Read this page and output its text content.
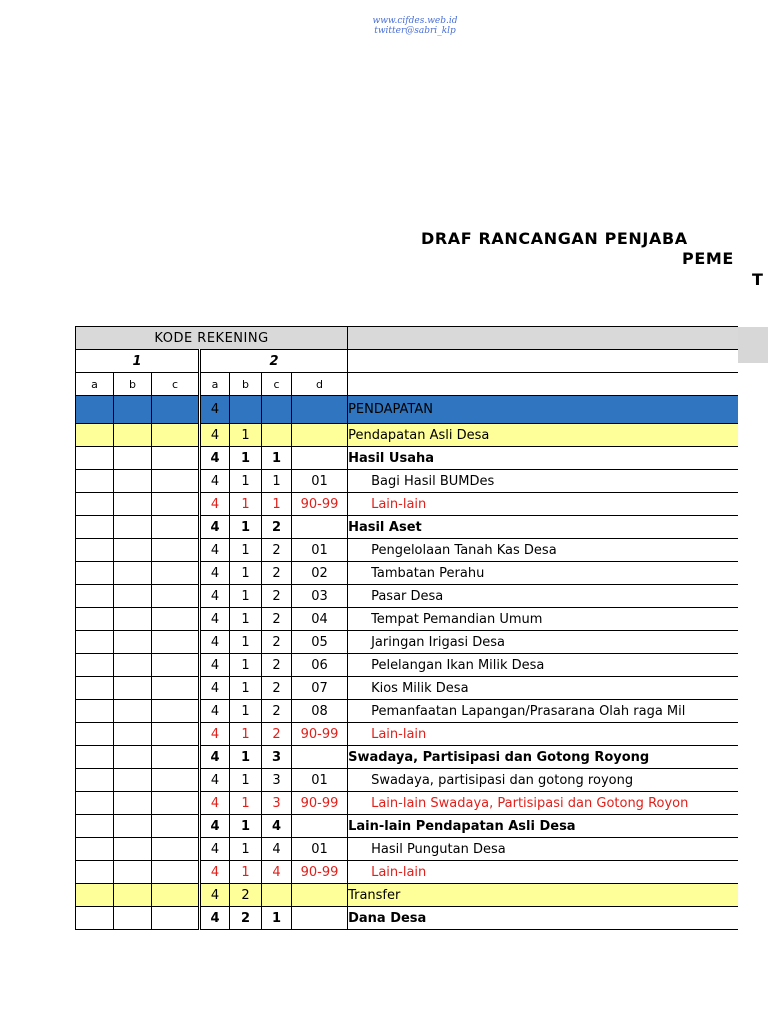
www.cifdes.web.id
twitter@sabri_klp
DRAF RANCANGAN PENJABA
PEME
T
KODE REKENING							
1			2				
a	b	c	a	b	c	d	
			4				PENDAPATAN
			4	1			Pendapatan Asli Desa
			4	1	1		Hasil Usaha
			4	1	1	01	Bagi Hasil BUMDes
			4	1	1	90-99	Lain-lain
			4	1	2		Hasil Aset
			4	1	2	01	Pengelolaan Tanah Kas Desa
			4	1	2	02	Tambatan Perahu
			4	1	2	03	Pasar Desa
			4	1	2	04	Tempat Pemandian Umum
			4	1	2	05	Jaringan Irigasi Desa
			4	1	2	06	Pelelangan Ikan Milik Desa
			4	1	2	07	Kios Milik Desa
			4	1	2	08	Pemanfaatan Lapangan/Prasarana Olah raga Mil
			4	1	2	90-99	Lain-lain
			4	1	3		Swadaya, Partisipasi dan Gotong Royong
			4	1	3	01	Swadaya, partisipasi dan gotong royong
			4	1	3	90-99	Lain-lain Swadaya, Partisipasi dan Gotong Royon
			4	1	4		Lain-lain Pendapatan Asli Desa
			4	1	4	01	Hasil Pungutan Desa
			4	1	4	90-99	Lain-lain
			4	2			Transfer
			4	2	1		Dana Desa
